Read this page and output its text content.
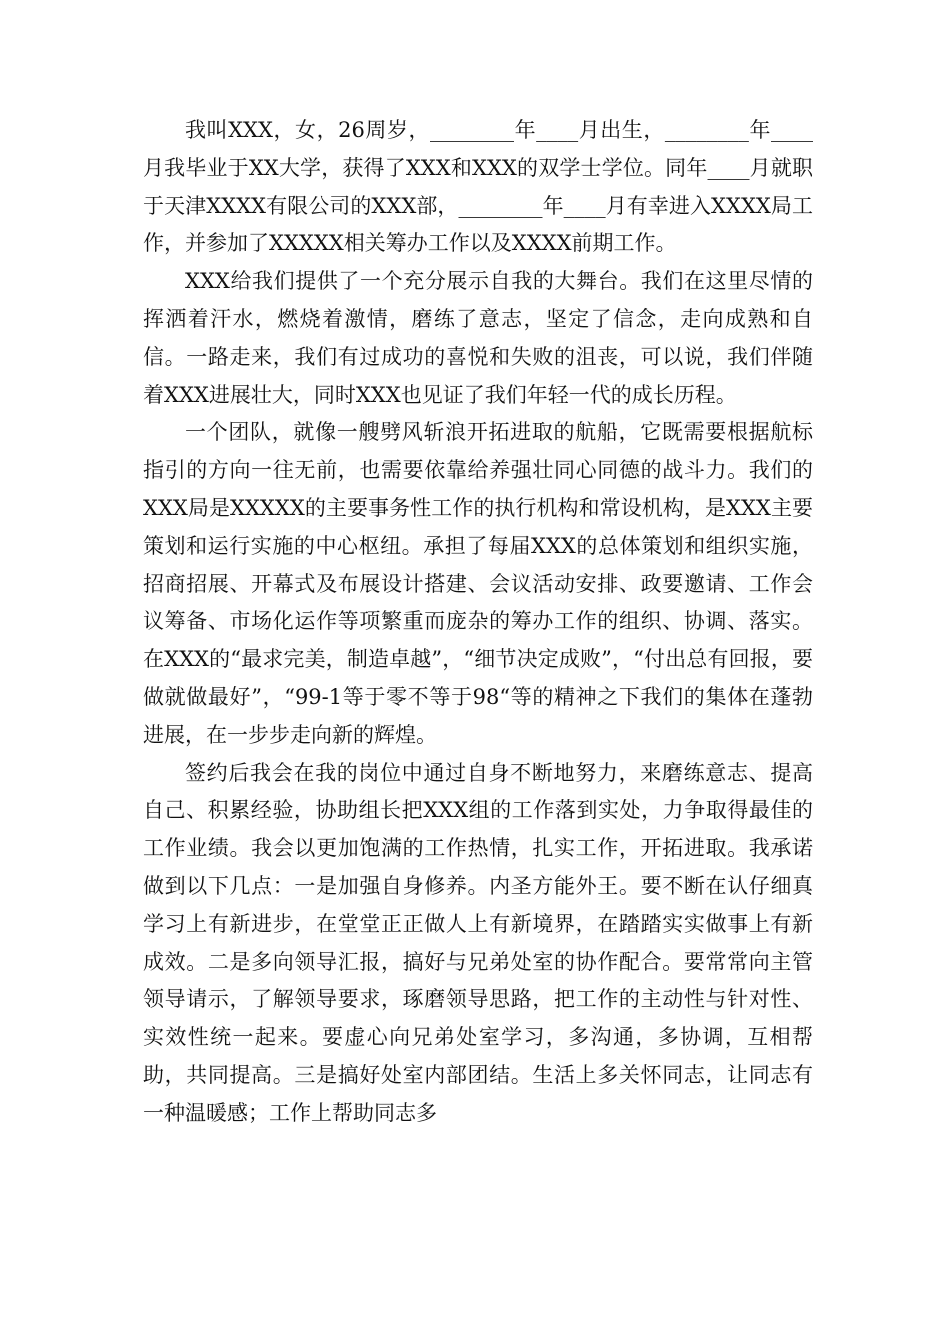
我叫XXX，女，26周岁，________年____月出生，________年____月我毕业于XX大学，获得了XXX和XXX的双学士学位。同年____月就职于天津XXXX有限公司的XXX部，________年____月有幸进入XXXX局工作，并参加了XXXXX相关筹办工作以及XXXX前期工作。

XXX给我们提供了一个充分展示自我的大舞台。我们在这里尽情的挥洒着汗水，燃烧着激情，磨练了意志，坚定了信念，走向成熟和自信。一路走来，我们有过成功的喜悦和失败的沮丧，可以说，我们伴随着XXX进展壮大，同时XXX也见证了我们年轻一代的成长历程。

一个团队，就像一艘劈风斩浪开拓进取的航船，它既需要根据航标指引的方向一往无前，也需要依靠给养强壮同心同德的战斗力。我们的XXX局是XXXXX的主要事务性工作的执行机构和常设机构，是XXX主要策划和运行实施的中心枢纽。承担了每届XXX的总体策划和组织实施，招商招展、开幕式及布展设计搭建、会议活动安排、政要邀请、工作会议筹备、市场化运作等项繁重而庞杂的筹办工作的组织、协调、落实。在XXX的“最求完美，制造卓越”，“细节决定成败”，“付出总有回报，要做就做最好”，“99-1等于零不等于98“等的精神之下我们的集体在蓬勃进展，在一步步走向新的辉煌。

签约后我会在我的岗位中通过自身不断地努力，来磨练意志、提高自己、积累经验，协助组长把XXX组的工作落到实处，力争取得最佳的工作业绩。我会以更加饱满的工作热情，扎实工作，开拓进取。我承诺做到以下几点：一是加强自身修养。内圣方能外王。要不断在认仔细真学习上有新进步，在堂堂正正做人上有新境界，在踏踏实实做事上有新成效。二是多向领导汇报，搞好与兄弟处室的协作配合。要常常向主管领导请示，了解领导要求，琢磨领导思路，把工作的主动性与针对性、实效性统一起来。要虚心向兄弟处室学习，多沟通，多协调，互相帮助，共同提高。三是搞好处室内部团结。生活上多关怀同志，让同志有一种温暖感；工作上帮助同志多
